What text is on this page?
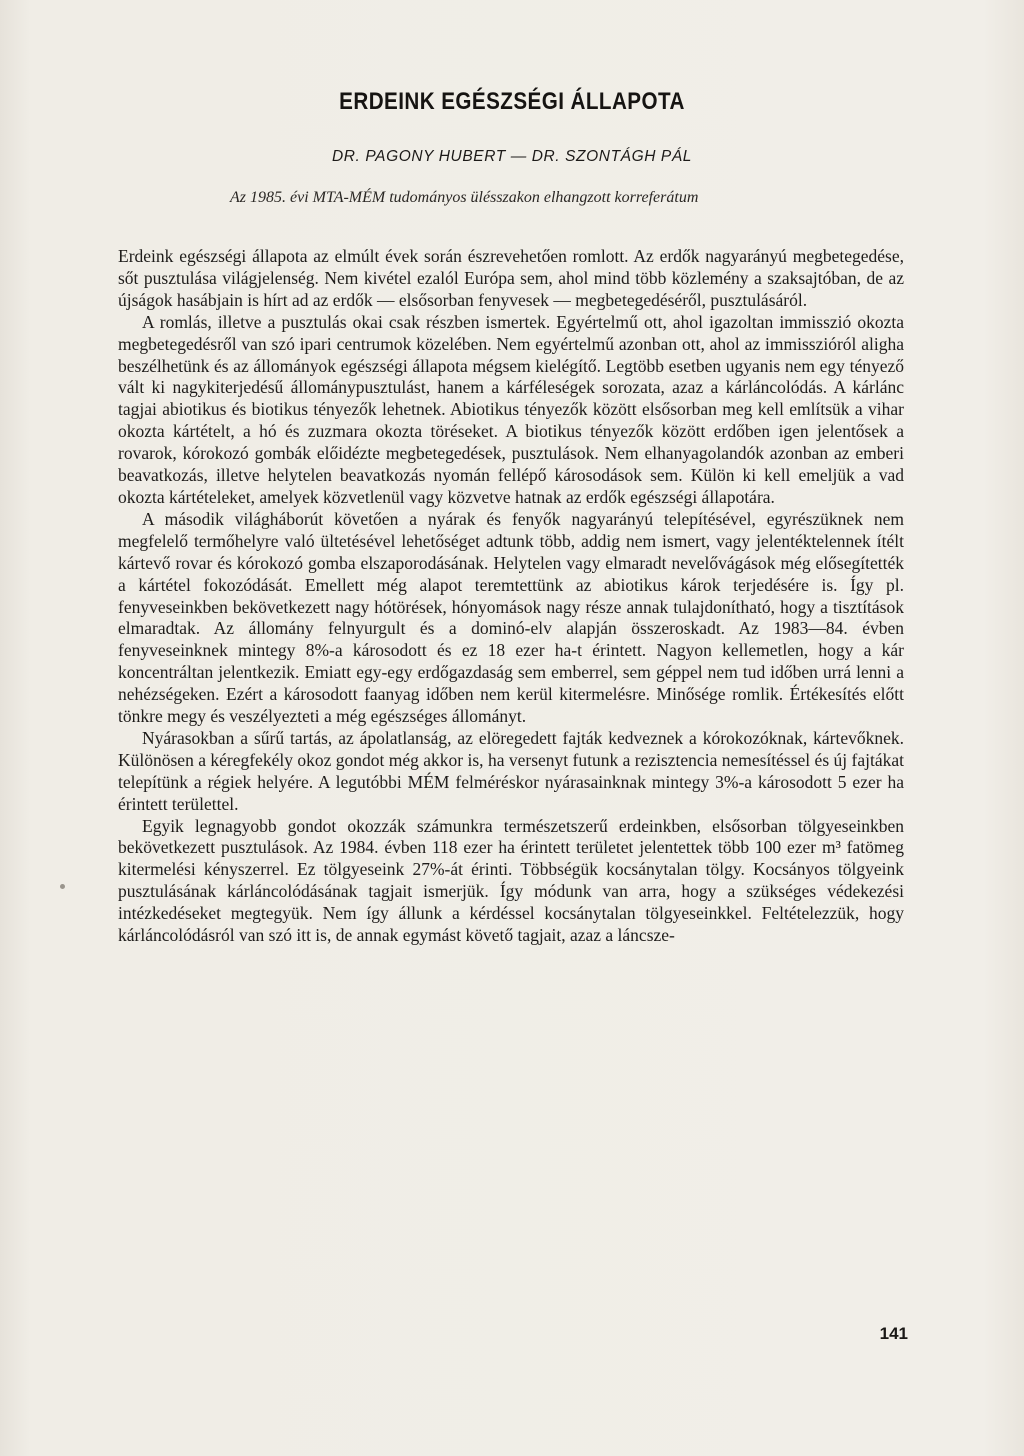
ERDEINK EGÉSZSÉGI ÁLLAPOTA
DR. PAGONY HUBERT — DR. SZONTÁGH PÁL
Az 1985. évi MTA-MÉM tudományos ülésszakon elhangzott korreferátum

Erdeink egészségi állapota az elmúlt évek során észrevehetően romlott. Az erdők nagyarányú megbetegedése, sőt pusztulása világjelenség. Nem kivétel ezalól Európa sem, ahol mind több közlemény a szaksajtóban, de az újságok hasábjain is hírt ad az erdők — elsősorban fenyvesek — megbetegedéséről, pusztulásáról.

A romlás, illetve a pusztulás okai csak részben ismertek. Egyértelmű ott, ahol igazoltan immisszió okozta megbetegedésről van szó ipari centrumok közelében. Nem egyértelmű azonban ott, ahol az immisszióról aligha beszélhetünk és az állományok egészségi állapota mégsem kielégítő. Legtöbb esetben ugyanis nem egy tényező vált ki nagykiterjedésű állománypusztulást, hanem a kárféleségek sorozata, azaz a kárláncolódás. A kárlánc tagjai abiotikus és biotikus tényezők lehetnek. Abiotikus tényezők között elsősorban meg kell említsük a vihar okozta kártételt, a hó és zuzmara okozta töréseket. A biotikus tényezők között erdőben igen jelentősek a rovarok, kórokozó gombák előidézte megbetegedések, pusztulások. Nem elhanyagolandók azonban az emberi beavatkozás, illetve helytelen beavatkozás nyomán fellépő károsodások sem. Külön ki kell emeljük a vad okozta kártételeket, amelyek közvetlenül vagy közvetve hatnak az erdők egészségi állapotára.

A második világháborút követően a nyárak és fenyők nagyarányú telepítésével, egyrészüknek nem megfelelő termőhelyre való ültetésével lehetőséget adtunk több, addig nem ismert, vagy jelentéktelennek ítélt kártevő rovar és kórokozó gomba elszaporodásának. Helytelen vagy elmaradt nevelővágások még elősegítették a kártétel fokozódását. Emellett még alapot teremtettünk az abiotikus károk terjedésére is. Így pl. fenyveseinkben bekövetkezett nagy hótörések, hónyomások nagy része annak tulajdonítható, hogy a tisztítások elmaradtak. Az állomány felnyurgult és a dominó-elv alapján összeroskadt. Az 1983—84. évben fenyveseinknek mintegy 8%-a károsodott és ez 18 ezer ha-t érintett. Nagyon kellemetlen, hogy a kár koncentráltan jelentkezik. Emiatt egy-egy erdőgazdaság sem emberrel, sem géppel nem tud időben urrá lenni a nehézségeken. Ezért a károsodott faanyag időben nem kerül kitermelésre. Minősége romlik. Értékesítés előtt tönkre megy és veszélyezteti a még egészséges állományt.

Nyárasokban a sűrű tartás, az ápolatlanság, az elöregedett fajták kedveznek a kórokozóknak, kártevőknek. Különösen a kéregfekély okoz gondot még akkor is, ha versenyt futunk a rezisztencia nemesítéssel és új fajtákat telepítünk a régiek helyére. A legutóbbi MÉM felméréskor nyárasainknak mintegy 3%-a károsodott 5 ezer ha érintett területtel.

Egyik legnagyobb gondot okozzák számunkra természetszerű erdeinkben, elsősorban tölgyeseinkben bekövetkezett pusztulások. Az 1984. évben 118 ezer ha érintett területet jelentettek több 100 ezer m³ fatömeg kitermelési kényszerrel. Ez tölgyeseink 27%-át érinti. Többségük kocsánytalan tölgy. Kocsányos tölgyeink pusztulásának kárláncolódásának tagjait ismerjük. Így módunk van arra, hogy a szükséges védekezési intézkedéseket megtegyük. Nem így állunk a kérdéssel kocsánytalan tölgyeseinkkel. Feltételezzük, hogy kárláncolódásról van szó itt is, de annak egymást követő tagjait, azaz a láncsze-

141
